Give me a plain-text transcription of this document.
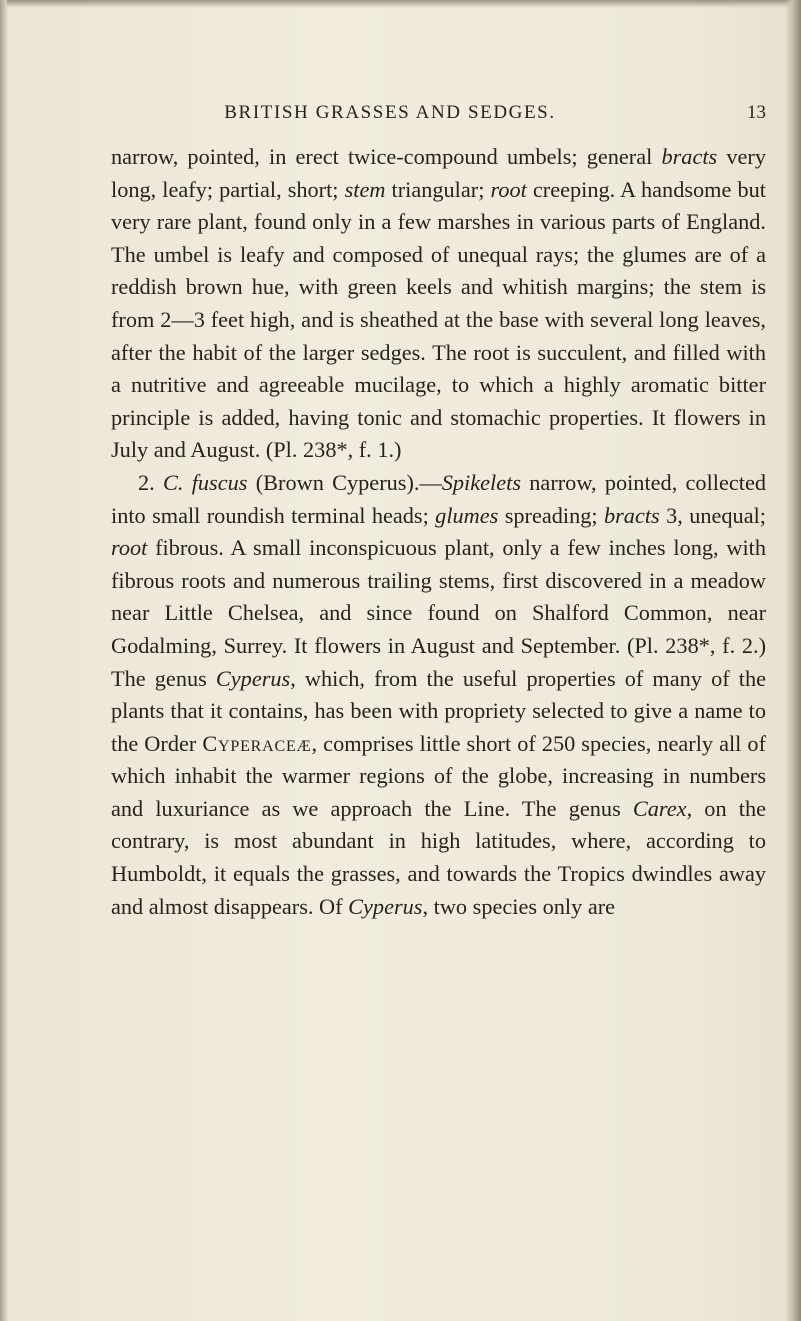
BRITISH GRASSES AND SEDGES.	13

narrow, pointed, in erect twice-compound umbels; general bracts very long, leafy; partial, short; stem triangular; root creeping. A handsome but very rare plant, found only in a few marshes in various parts of England. The umbel is leafy and composed of unequal rays; the glumes are of a reddish brown hue, with green keels and whitish margins; the stem is from 2—3 feet high, and is sheathed at the base with several long leaves, after the habit of the larger sedges. The root is succulent, and filled with a nutritive and agreeable mucilage, to which a highly aromatic bitter principle is added, having tonic and stomachic properties. It flowers in July and August. (Pl. 238*, f. 1.)

2. C. fuscus (Brown Cyperus).—Spikelets narrow, pointed, collected into small roundish terminal heads; glumes spreading; bracts 3, unequal; root fibrous. A small inconspicuous plant, only a few inches long, with fibrous roots and numerous trailing stems, first discovered in a meadow near Little Chelsea, and since found on Shalford Common, near Godalming, Surrey. It flowers in August and September. (Pl. 238*, f. 2.) The genus Cyperus, which, from the useful properties of many of the plants that it contains, has been with propriety selected to give a name to the Order Cyperaceæ, comprises little short of 250 species, nearly all of which inhabit the warmer regions of the globe, increasing in numbers and luxuriance as we approach the Line. The genus Carex, on the contrary, is most abundant in high latitudes, where, according to Humboldt, it equals the grasses, and towards the Tropics dwindles away and almost disappears. Of Cyperus, two species only are
